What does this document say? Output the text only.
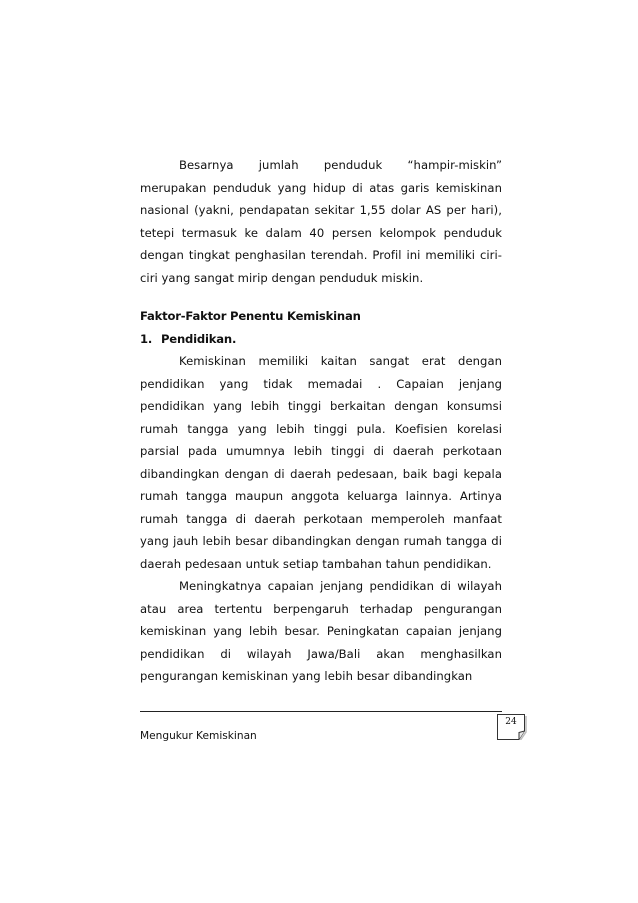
Besarnya jumlah penduduk “hampir-miskin” merupakan penduduk yang hidup di atas garis kemiskinan nasional (yakni, pendapatan sekitar 1,55 dolar AS per hari), tetepi termasuk ke dalam 40 persen kelompok penduduk dengan tingkat penghasilan terendah. Profil ini memiliki ciri-ciri yang sangat mirip dengan penduduk miskin.

Faktor-Faktor Penentu Kemiskinan

1. Pendidikan.

Kemiskinan memiliki kaitan sangat erat dengan pendidikan yang tidak memadai . Capaian jenjang pendidikan yang lebih tinggi berkaitan dengan konsumsi rumah tangga yang lebih tinggi pula. Koefisien korelasi parsial pada umumnya lebih tinggi di daerah perkotaan dibandingkan dengan di daerah pedesaan, baik bagi kepala rumah tangga maupun anggota keluarga lainnya. Artinya rumah tangga di daerah perkotaan memperoleh manfaat yang jauh lebih besar dibandingkan dengan rumah tangga di daerah pedesaan untuk setiap tambahan tahun pendidikan.

Meningkatnya capaian jenjang pendidikan di wilayah atau area tertentu berpengaruh terhadap pengurangan kemiskinan yang lebih besar. Peningkatan capaian jenjang pendidikan di wilayah Jawa/Bali akan menghasilkan pengurangan kemiskinan yang lebih besar dibandingkan

Mengukur Kemiskinan
24
